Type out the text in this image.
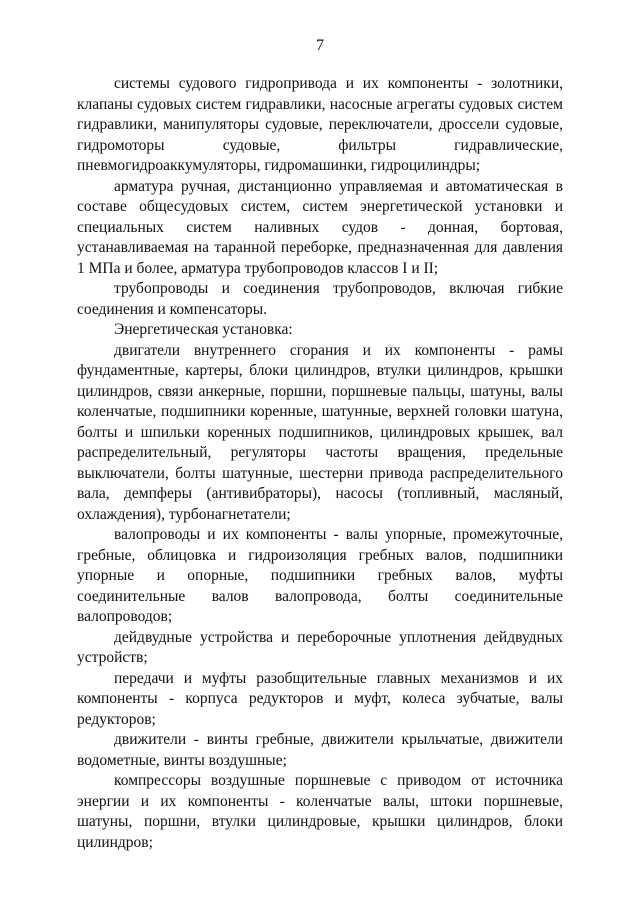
7

системы судового гидропривода и их компоненты - золотники, клапаны судовых систем гидравлики, насосные агрегаты судовых систем гидравлики, манипуляторы судовые, переключатели, дроссели судовые, гидромоторы судовые, фильтры гидравлические, пневмогидроаккумуляторы, гидромашинки, гидроцилиндры;

арматура ручная, дистанционно управляемая и автоматическая в составе общесудовых систем, систем энергетической установки и специальных систем наливных судов - донная, бортовая, устанавливаемая на таранной переборке, предназначенная для давления 1 МПа и более, арматура трубопроводов классов I и II;

трубопроводы и соединения трубопроводов, включая гибкие соединения и компенсаторы.

Энергетическая установка:

двигатели внутреннего сгорания и их компоненты - рамы фундаментные, картеры, блоки цилиндров, втулки цилиндров, крышки цилиндров, связи анкерные, поршни, поршневые пальцы, шатуны, валы коленчатые, подшипники коренные, шатунные, верхней головки шатуна, болты и шпильки коренных подшипников, цилиндровых крышек, вал распределительный, регуляторы частоты вращения, предельные выключатели, болты шатунные, шестерни привода распределительного вала, демпферы (антивибраторы), насосы (топливный, масляный, охлаждения), турбонагнетатели;

валопроводы и их компоненты - валы упорные, промежуточные, гребные, облицовка и гидроизоляция гребных валов, подшипники упорные и опорные, подшипники гребных валов, муфты соединительные валов валопровода, болты соединительные валопроводов;

дейдвудные устройства и переборочные уплотнения дейдвудных устройств;

передачи и муфты разобщительные главных механизмов и их компоненты - корпуса редукторов и муфт, колеса зубчатые, валы редукторов;

движители - винты гребные, движители крыльчатые, движители водометные, винты воздушные;

компрессоры воздушные поршневые с приводом от источника энергии и их компоненты - коленчатые валы, штоки поршневые, шатуны, поршни, втулки цилиндровые, крышки цилиндров, блоки цилиндров;
